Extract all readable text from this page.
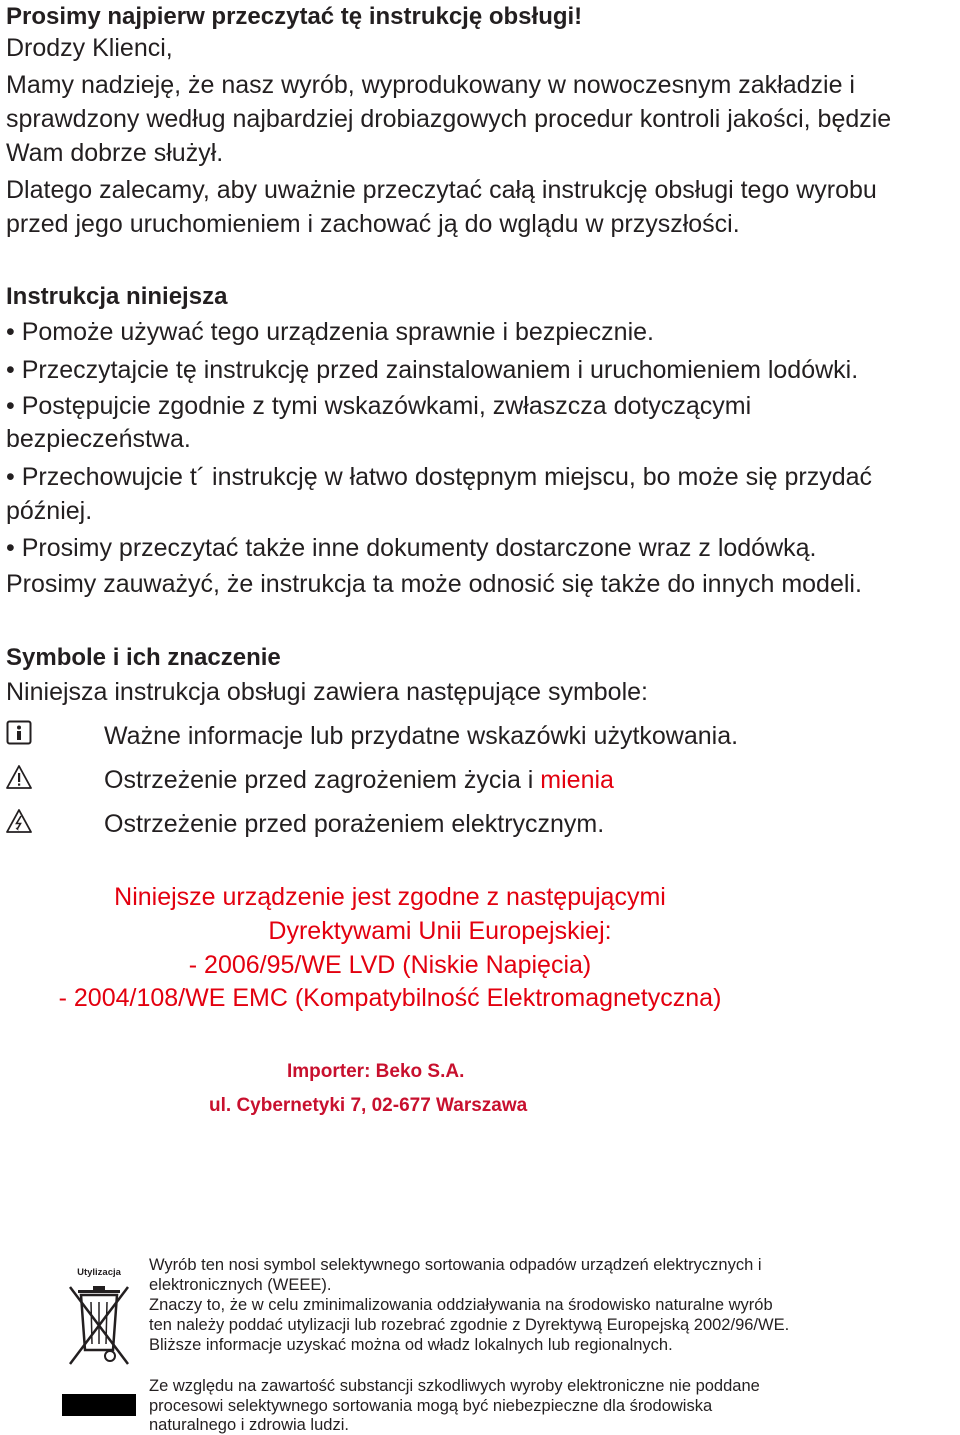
Prosimy najpierw przeczytać tę instrukcję obsługi!

Drodzy Klienci,

Mamy nadzieję, że nasz wyrób, wyprodukowany w nowoczesnym zakładzie i

sprawdzony według najbardziej drobiazgowych procedur kontroli jakości, będzie

Wam dobrze służył.

Dlatego zalecamy, aby uważnie przeczytać całą instrukcję obsługi tego wyrobu

przed jego uruchomieniem i zachować ją do wglądu w przyszłości.

Instrukcja niniejsza

• Pomoże używać tego urządzenia sprawnie i bezpiecznie.

• Przeczytajcie tę instrukcję przed zainstalowaniem i uruchomieniem lodówki.

• Postępujcie zgodnie z tymi wskazówkami, zwłaszcza dotyczącymi

bezpieczeństwa.

• Przechowujcie t´ instrukcję w łatwo dostępnym miejscu, bo może się przydać

później.

• Prosimy przeczytać także inne dokumenty dostarczone wraz z lodówką.

Prosimy zauważyć, że instrukcja ta może odnosić się także do innych modeli.

Symbole i ich znaczenie

Niniejsza instrukcja obsługi zawiera następujące symbole:

Ważne informacje lub przydatne wskazówki użytkowania.

Ostrzeżenie przed zagrożeniem życia i mienia

Ostrzeżenie przed porażeniem elektrycznym.

Niniejsze urządzenie jest zgodne z następującymi

Dyrektywami Unii Europejskiej:

- 2006/95/WE LVD (Niskie Napięcia)

- 2004/108/WE EMC (Kompatybilność Elektromagnetyczna)

Importer: Beko S.A.

ul. Cybernetyki 7, 02-677 Warszawa

Utylizacja	Wyrób ten nosi symbol selektywnego sortowania odpadów urządzeń elektrycznych i

elektronicznych (WEEE).

Znaczy to, że w celu zminimalizowania oddziaływania na środowisko naturalne wyrób

ten należy poddać utylizacji lub rozebrać zgodnie z Dyrektywą Europejską 2002/96/WE.

Bliższe informacje uzyskać można od władz lokalnych lub regionalnych.

Ze względu na zawartość substancji szkodliwych wyroby elektroniczne nie poddane

procesowi selektywnego sortowania mogą być niebezpieczne dla środowiska

naturalnego i zdrowia ludzi.
